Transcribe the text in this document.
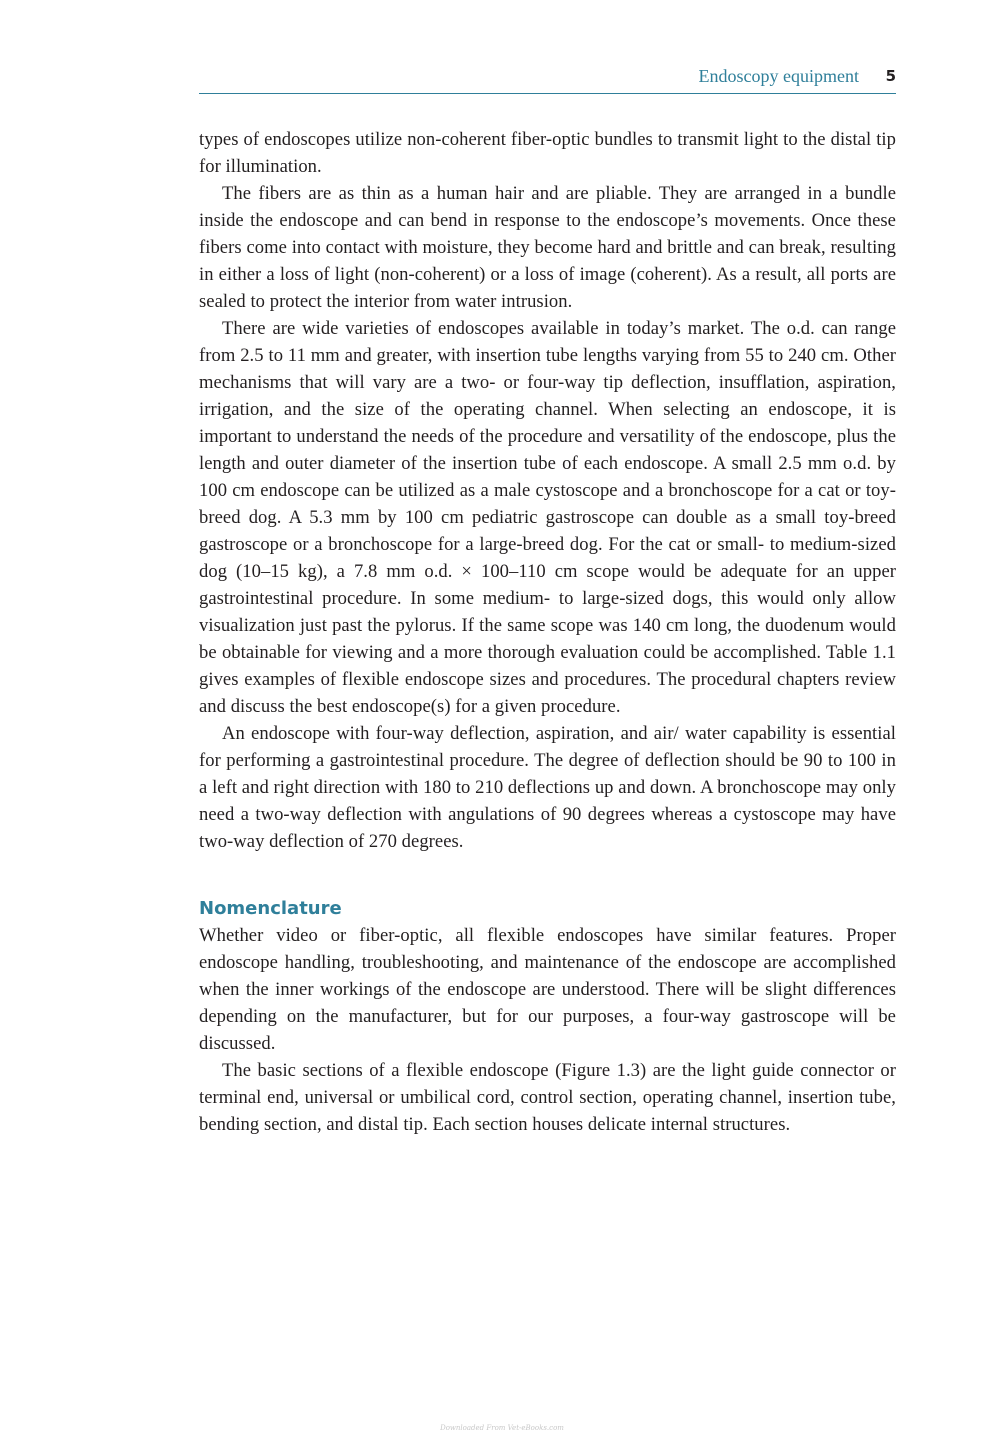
Endoscopy equipment 5

types of endoscopes utilize non-coherent fiber-optic bundles to transmit light to the distal tip for illumination.

The fibers are as thin as a human hair and are pliable. They are arranged in a bundle inside the endoscope and can bend in response to the endoscope’s movements. Once these fibers come into contact with moisture, they become hard and brittle and can break, resulting in either a loss of light (non-coherent) or a loss of image (coherent). As a result, all ports are sealed to protect the interior from water intrusion.

There are wide varieties of endoscopes available in today’s market. The o.d. can range from 2.5 to 11 mm and greater, with insertion tube lengths varying from 55 to 240 cm. Other mechanisms that will vary are a two- or four-way tip deflection, insufflation, aspiration, irrigation, and the size of the operating channel. When selecting an endoscope, it is important to understand the needs of the procedure and versatility of the endoscope, plus the length and outer diameter of the insertion tube of each endoscope. A small 2.5 mm o.d. by 100 cm endoscope can be utilized as a male cystoscope and a bronchoscope for a cat or toy-breed dog. A 5.3 mm by 100 cm pediatric gastroscope can double as a small toy-breed gastroscope or a bronchoscope for a large-breed dog. For the cat or small- to medium-sized dog (10–15 kg), a 7.8 mm o.d. × 100–110 cm scope would be adequate for an upper gastrointestinal procedure. In some medium- to large-sized dogs, this would only allow visualization just past the pylorus. If the same scope was 140 cm long, the duodenum would be obtainable for viewing and a more thorough evaluation could be accomplished. Table 1.1 gives examples of flexible endoscope sizes and procedures. The procedural chapters review and discuss the best endoscope(s) for a given procedure.

An endoscope with four-way deflection, aspiration, and air/ water capability is essential for performing a gastrointestinal procedure. The degree of deflection should be 90 to 100 in a left and right direction with 180 to 210 deflections up and down. A bronchoscope may only need a two-way deflection with angulations of 90 degrees whereas a cystoscope may have two-way deflection of 270 degrees.

Nomenclature

Whether video or fiber-optic, all flexible endoscopes have similar features. Proper endoscope handling, troubleshooting, and maintenance of the endoscope are accomplished when the inner workings of the endoscope are understood. There will be slight differences depending on the manufacturer, but for our purposes, a four-way gastroscope will be discussed.

The basic sections of a flexible endoscope (Figure 1.3) are the light guide connector or terminal end, universal or umbilical cord, control section, operating channel, insertion tube, bending section, and distal tip. Each section houses delicate internal structures.

Downloaded From Vet-eBooks.com
